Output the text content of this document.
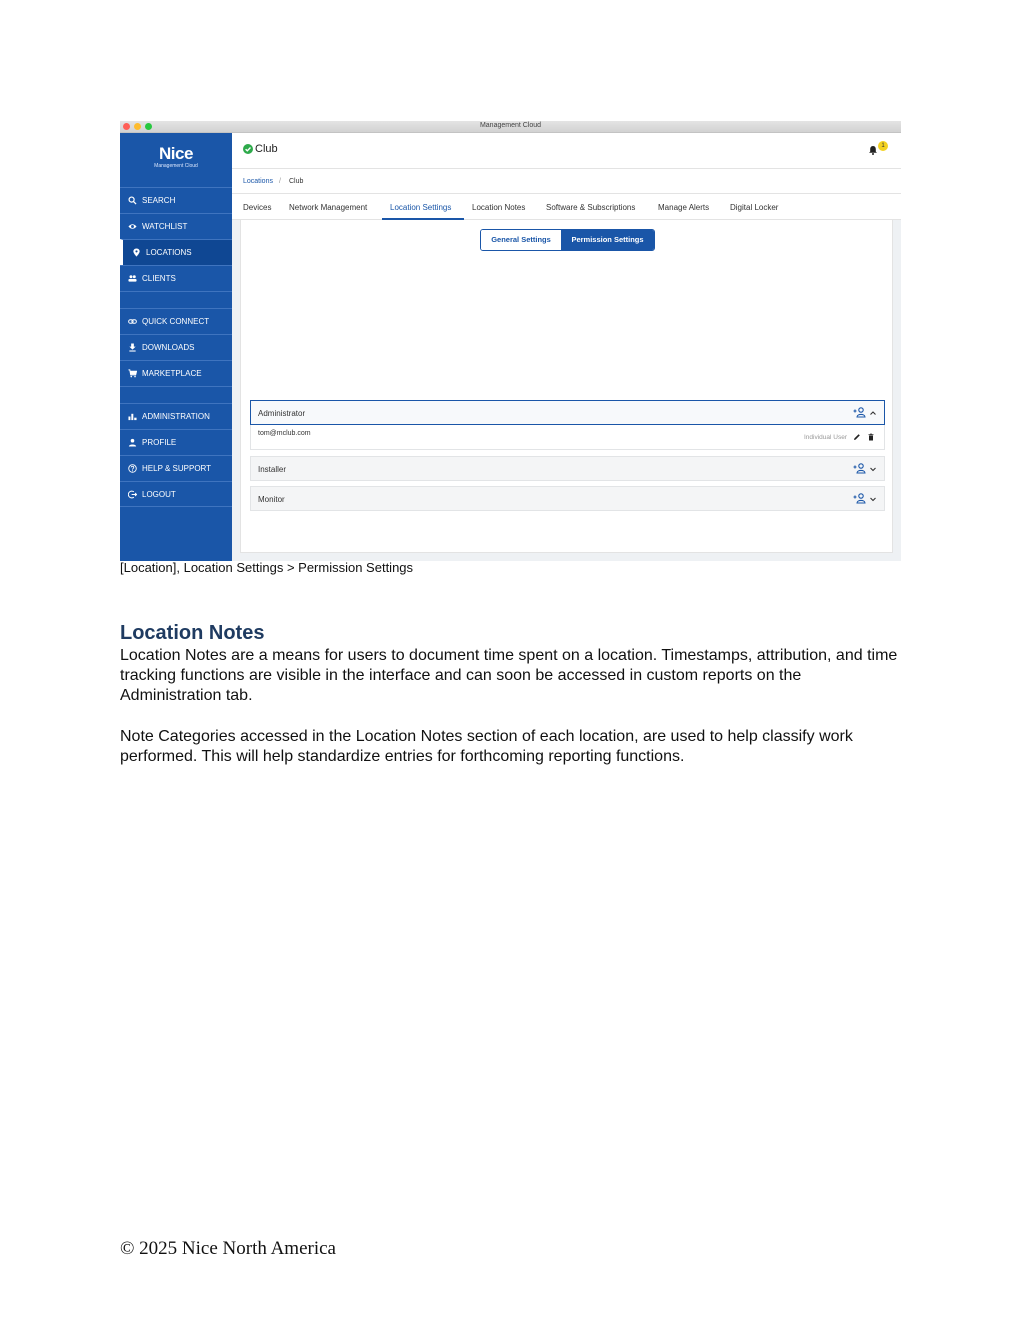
Management Cloud
Nice
Management Cloud
SEARCH
WATCHLIST
LOCATIONS
CLIENTS
QUICK CONNECT
DOWNLOADS
MARKETPLACE
ADMINISTRATION
PROFILE
HELP & SUPPORT
LOGOUT
Club	1
Locations / Club
Devices Network Management	Location Settings	Location Notes	Software & Subscriptions	Manage Alerts	Digital Locker
General Settings	Permission Settings
Administrator
tom@mclub.com
Individual User
Installer
Monitor
[Location], Location Settings > Permission Settings
Location Notes

Location Notes are a means for users to document time spent on a location. Timestamps, attribution, and time tracking functions are visible in the interface and can soon be accessed in custom reports on the Administration tab.

Note Categories accessed in the Location Notes section of each location, are used to help classify work performed. This will help standardize entries for forthcoming reporting functions.

© 2025 Nice North America
